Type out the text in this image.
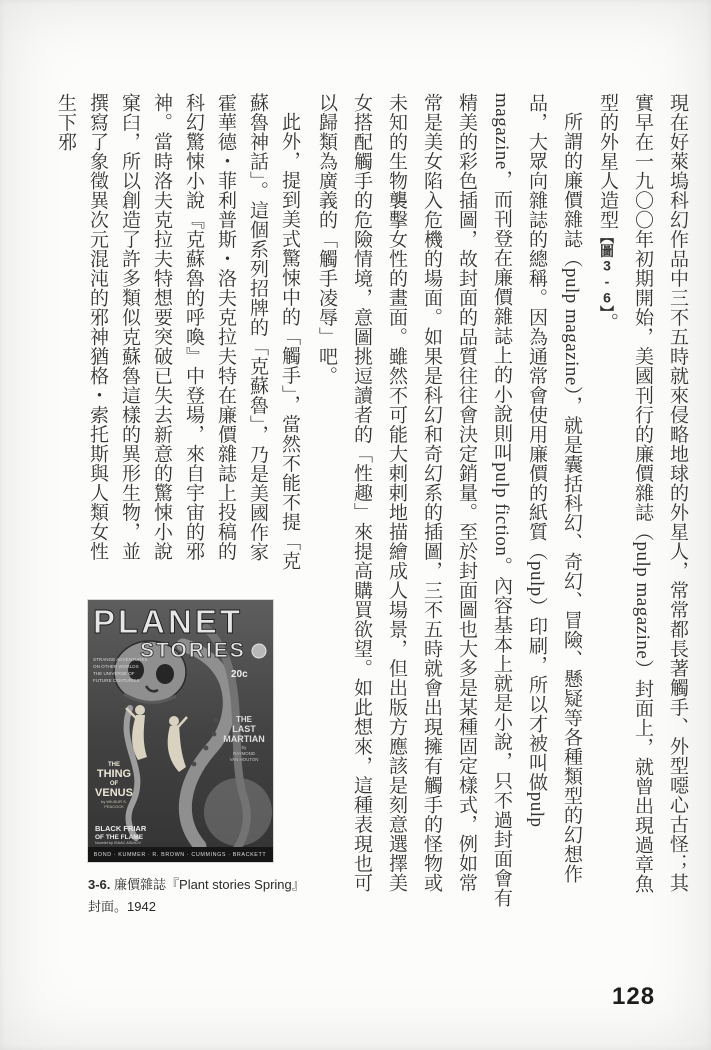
現在好萊塢科幻作品中三不五時就來侵略地球的外星人，常常都長著觸手、外型噁心古怪；其實早在一九〇〇年初期開始，美國刊行的廉價雜誌（pulp magazine）封面上，就曾出現過章魚型的外星人造型【圖3-6】。

所謂的廉價雜誌（pulp magazine），就是囊括科幻、奇幻、冒險、懸疑等各種類型的幻想作品，大眾向雜誌的總稱。因為通常會使用廉價的紙質（pulp）印刷，所以才被叫做pulp magazine，而刊登在廉價雜誌上的小說則叫pulp fiction。內容基本上就是小說，只不過封面會有精美的彩色插圖，故封面的品質往往會決定銷量。至於封面圖也大多是某種固定樣式，例如常常是美女陷入危機的場面。如果是科幻和奇幻系的插圖，三不五時就會出現擁有觸手的怪物或未知的生物襲擊女性的畫面。雖然不可能大剌剌地描繪成人場景，但出版方應該是刻意選擇美女搭配觸手的危險情境，意圖挑逗讀者的「性趣」來提高購買欲望。如此想來，這種表現也可以歸類為廣義的「觸手凌辱」吧。

此外，提到美式驚悚中的「觸手」，當然不能不提「克蘇魯神話」。這個系列招牌的「克蘇魯」，乃是美國作家霍華德・菲利普斯・洛夫克拉夫特在廉價雜誌上投稿的科幻驚悚小說『克蘇魯的呼喚』中登場，來自宇宙的邪神。當時洛夫克拉夫特想要突破已失去新意的驚悚小說窠臼，所以創造了許多類似克蘇魯這樣的異形生物，並撰寫了象徵異次元混沌的邪神猶格・索托斯與人類女性生下邪

PLANET
STORIES
20c
STRANGE ADVENTURES
ON OTHER WORLDS
THE UNIVERSE OF
FUTURE CENTURIES
THE
LAST
MARTIAN
by
RAYMOND
VAN HOUTON
THE
THING
OF
VENUS
by WILBUR S.
PEACOCK
BLACK FRIAR
OF THE FLAME
Novelet by ISAAC ASIMOV
BOND · KUMMER · R. BROWN · CUMMINGS · BRACKETT
3-6. 廉價雜誌『Plant stories Spring』
封面。1942
128
